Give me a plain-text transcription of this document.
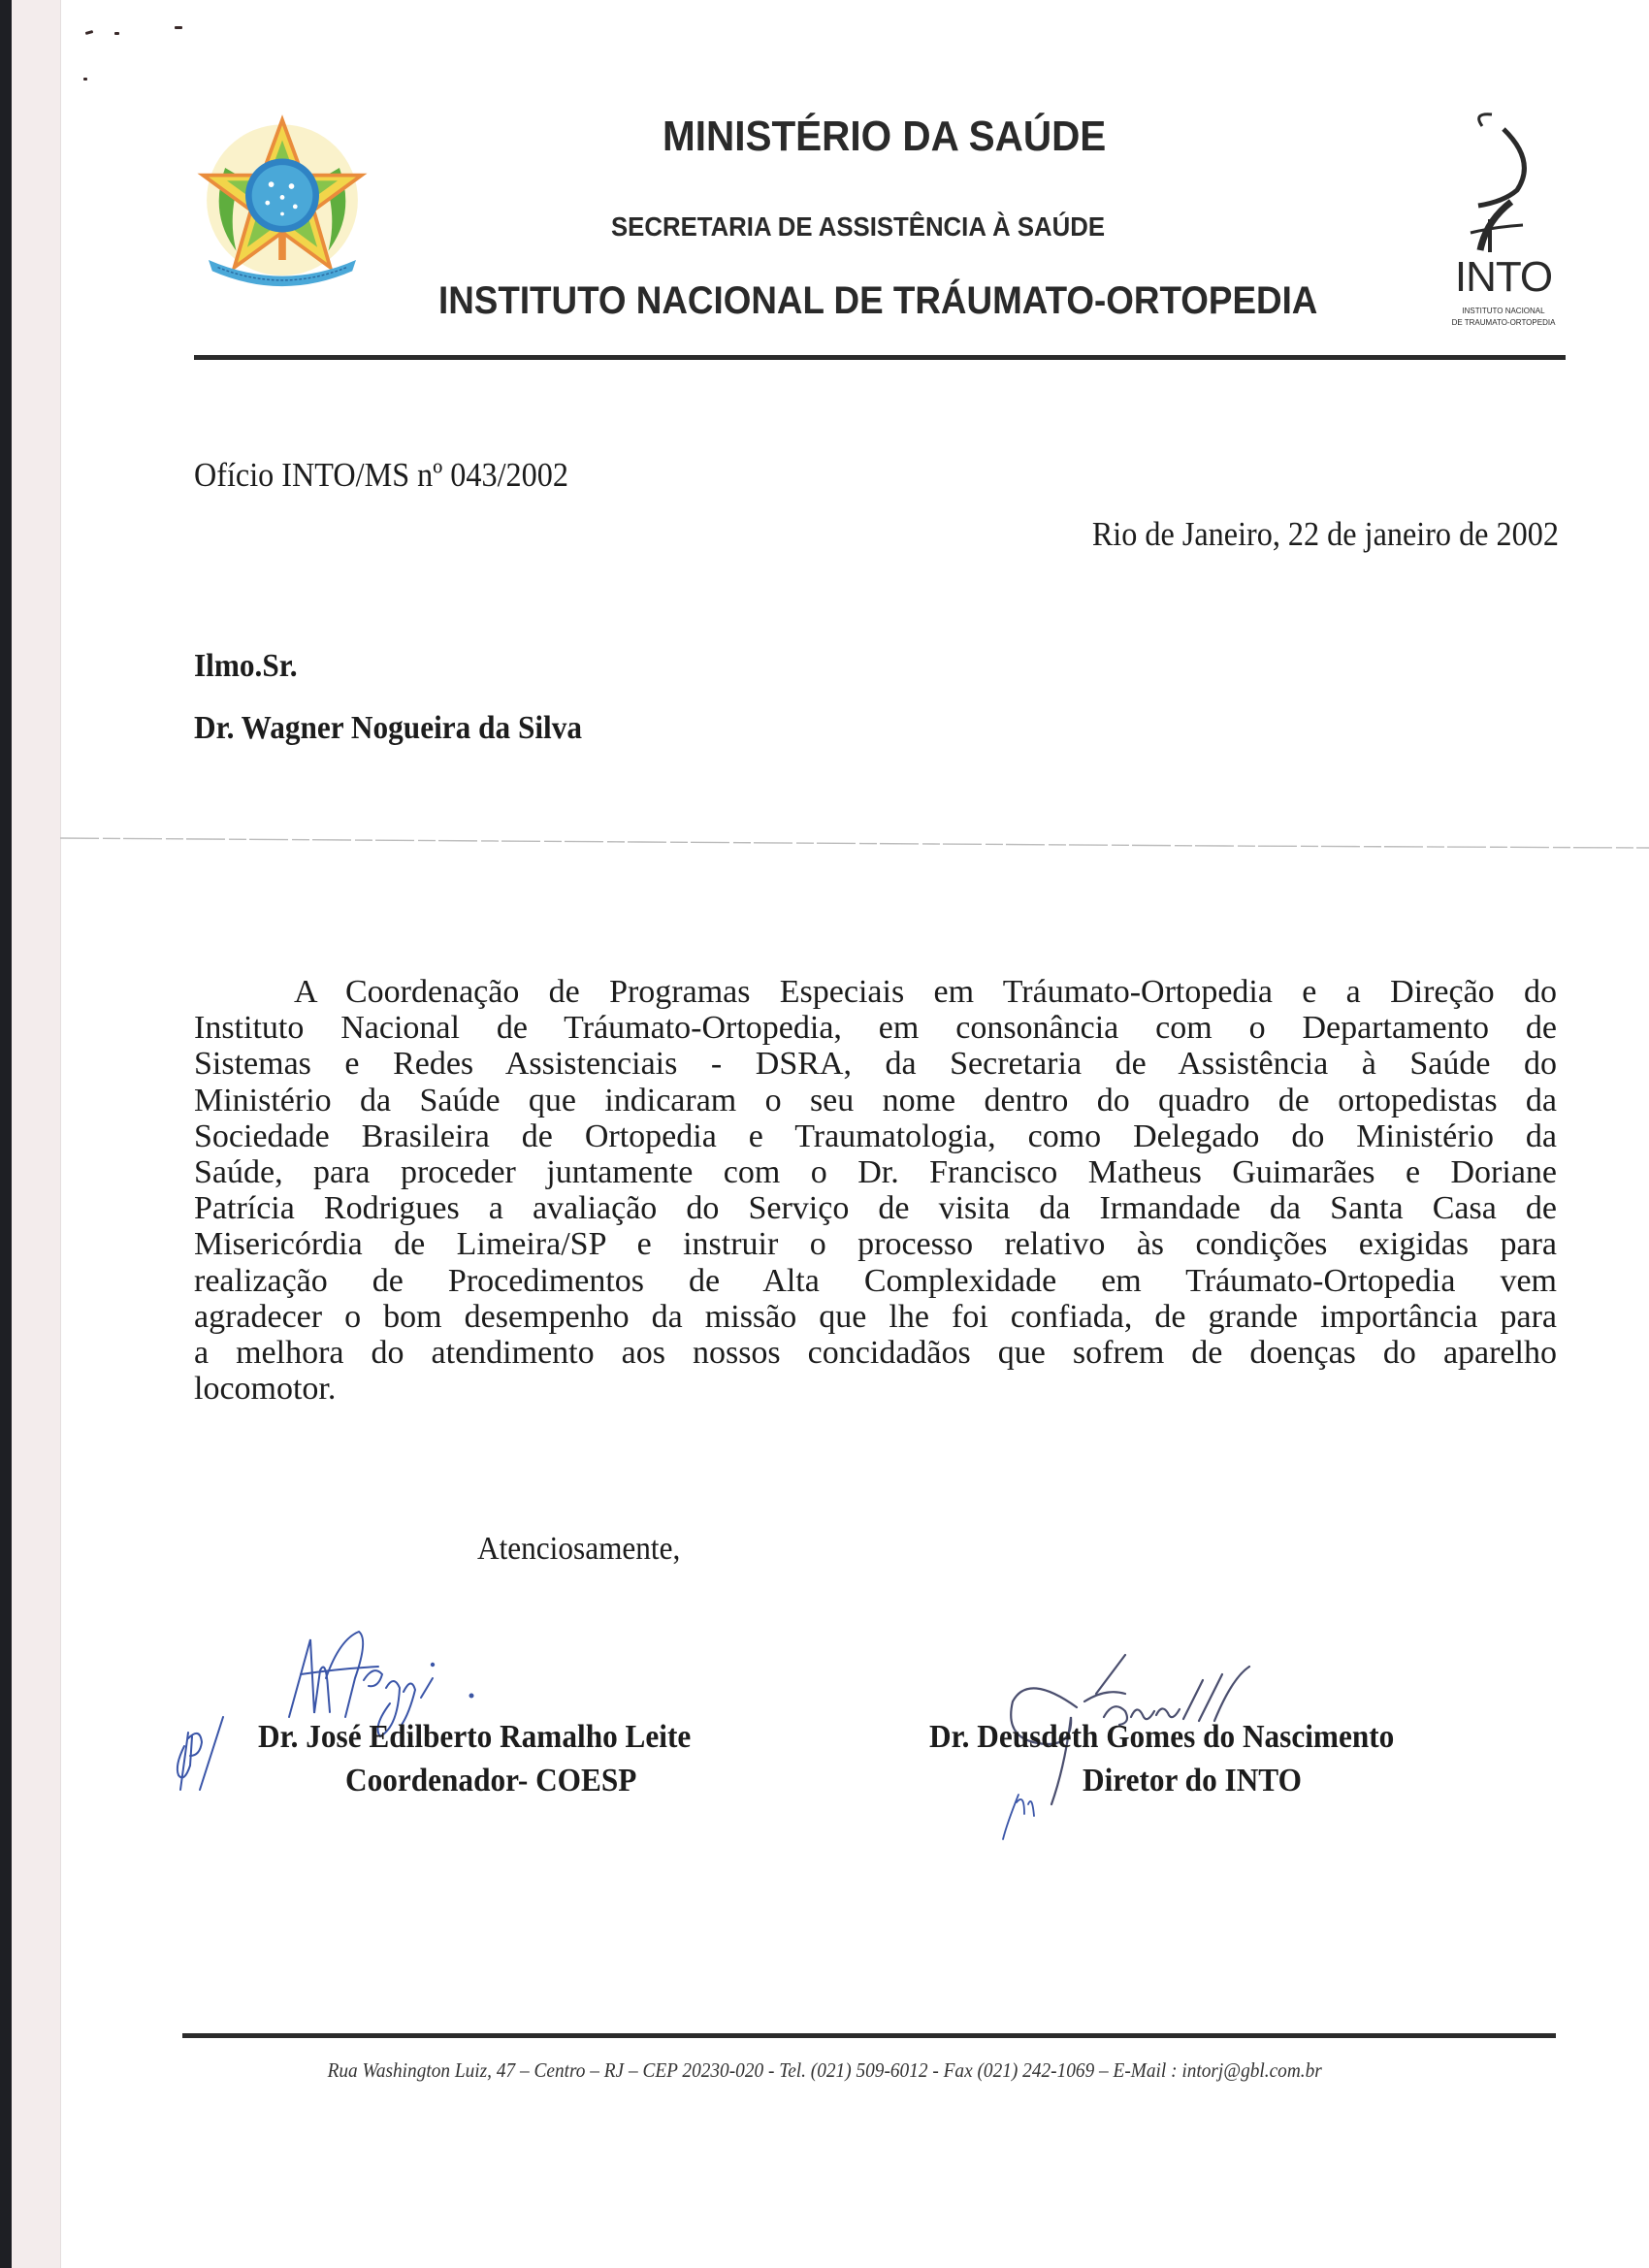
MINISTÉRIO DA SAÚDE
SECRETARIA DE ASSISTÊNCIA À SAÚDE
INSTITUTO NACIONAL DE TRÁUMATO-ORTOPEDIA	INTO
INSTITUTO NACIONAL
DE TRAUMATO-ORTOPEDIA
Ofício INTO/MS nº 043/2002
Rio de Janeiro, 22 de janeiro de 2002
Ilmo.Sr.
Dr. Wagner Nogueira da Silva
A Coordenação de Programas Especiais em Tráumato-Ortopedia e a Direção do
Instituto Nacional de Tráumato-Ortopedia, em consonância com o Departamento de
Sistemas e Redes Assistenciais - DSRA, da Secretaria de Assistência à Saúde do
Ministério da Saúde que indicaram o seu nome dentro do quadro de ortopedistas da
Sociedade Brasileira de Ortopedia e Traumatologia, como Delegado do Ministério da
Saúde, para proceder juntamente com o Dr. Francisco Matheus Guimarães e Doriane
Patrícia Rodrigues a avaliação do Serviço de visita da Irmandade da Santa Casa de
Misericórdia de Limeira/SP e instruir o processo relativo às condições exigidas para
realização de Procedimentos de Alta Complexidade em Tráumato-Ortopedia vem
agradecer o bom desempenho da missão que lhe foi confiada, de grande importância para
a melhora do atendimento aos nossos concidadãos que sofrem de doenças do aparelho
locomotor.
Atenciosamente,
Dr. José Edilberto Ramalho Leite
Coordenador- COESP
Dr. Deusdeth Gomes do Nascimento
Diretor do INTO
Rua Washington Luiz, 47 – Centro – RJ – CEP 20230-020 - Tel. (021) 509-6012 - Fax (021) 242-1069 – E-Mail : intorj@gbl.com.br
